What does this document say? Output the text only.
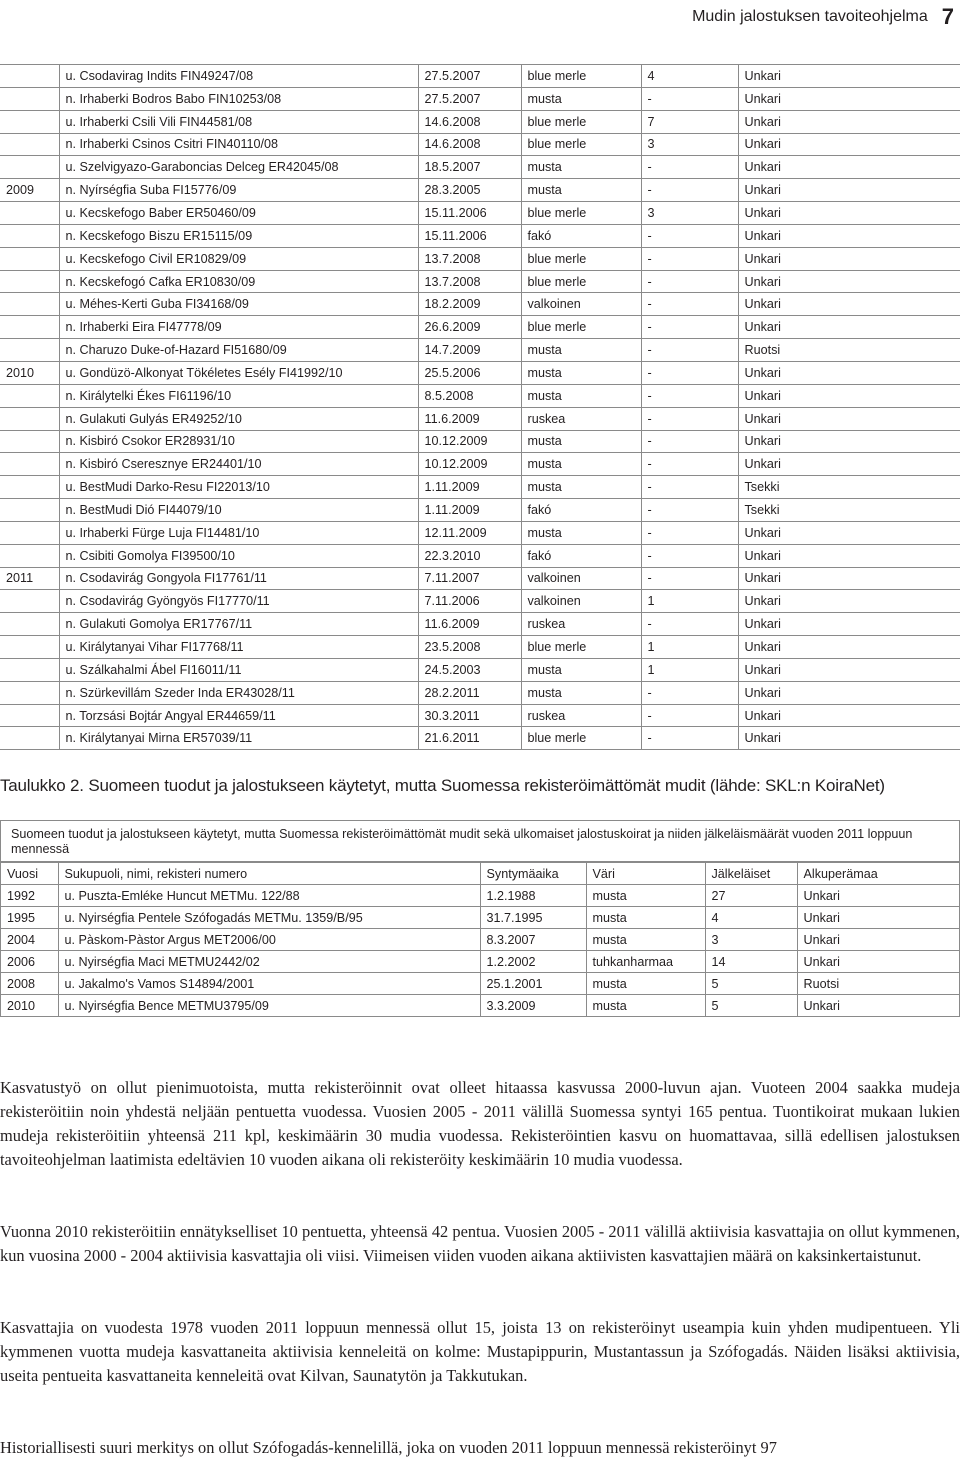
Mudin jalostuksen tavoiteohjelma 7
	u. Csodavirag Indits FIN49247/08	27.5.2007	blue merle	4	Unkari
	n. Irhaberki Bodros Babo FIN10253/08	27.5.2007	musta	-	Unkari
	u. Irhaberki Csili Vili FIN44581/08	14.6.2008	blue merle	7	Unkari
	n. Irhaberki Csinos Csitri FIN40110/08	14.6.2008	blue merle	3	Unkari
	u. Szelvigyazo-Garaboncias Delceg ER42045/08	18.5.2007	musta	-	Unkari
2009	n. Nyírségfia Suba FI15776/09	28.3.2005	musta	-	Unkari
	u. Kecskefogo Baber ER50460/09	15.11.2006	blue merle	3	Unkari
	n. Kecskefogo Biszu ER15115/09	15.11.2006	fakó	-	Unkari
	u. Kecskefogo Civil ER10829/09	13.7.2008	blue merle	-	Unkari
	n. Kecskefogó Cafka ER10830/09	13.7.2008	blue merle	-	Unkari
	u. Méhes-Kerti Guba FI34168/09	18.2.2009	valkoinen	-	Unkari
	n. Irhaberki Eira FI47778/09	26.6.2009	blue merle	-	Unkari
	n. Charuzo Duke-of-Hazard FI51680/09	14.7.2009	musta	-	Ruotsi
2010	u. Gondüzö-Alkonyat Tökéletes Esély FI41992/10	25.5.2006	musta	-	Unkari
	n. Királytelki Ékes FI61196/10	8.5.2008	musta	-	Unkari
	n. Gulakuti Gulyás ER49252/10	11.6.2009	ruskea	-	Unkari
	n. Kisbiró Csokor ER28931/10	10.12.2009	musta	-	Unkari
	n. Kisbiró Cseresznye ER24401/10	10.12.2009	musta	-	Unkari
	u. BestMudi Darko-Resu FI22013/10	1.11.2009	musta	-	Tsekki
	n. BestMudi Dió FI44079/10	1.11.2009	fakó	-	Tsekki
	u. Irhaberki Fürge Luja FI14481/10	12.11.2009	musta	-	Unkari
	n. Csibiti Gomolya FI39500/10	22.3.2010	fakó	-	Unkari
2011	n. Csodavirág Gongyola FI17761/11	7.11.2007	valkoinen	-	Unkari
	n. Csodavirág Gyöngyös FI17770/11	7.11.2006	valkoinen	1	Unkari
	n. Gulakuti Gomolya ER17767/11	11.6.2009	ruskea	-	Unkari
	u. Királytanyai Vihar FI17768/11	23.5.2008	blue merle	1	Unkari
	u. Szálkahalmi Ábel FI16011/11	24.5.2003	musta	1	Unkari
	n. Szürkevillám Szeder Inda ER43028/11	28.2.2011	musta	-	Unkari
	n. Torzsási Bojtár Angyal ER44659/11	30.3.2011	ruskea	-	Unkari
	n. Királytanyai Mirna ER57039/11	21.6.2011	blue merle	-	Unkari
Taulukko 2. Suomeen tuodut ja jalostukseen käytetyt, mutta Suomessa rekisteröimättömät mudit (lähde: SKL:n KoiraNet)
Suomeen tuodut ja jalostukseen käytetyt, mutta Suomessa rekisteröimättömät mudit sekä ulkomaiset jalostuskoirat ja niiden jälkeläismäärät vuoden 2011 loppuun mennessä
Vuosi	Sukupuoli, nimi, rekisteri numero	Syntymäaika	Väri	Jälkeläiset	Alkuperämaa
1992	u. Puszta-Emléke Huncut METMu. 122/88	1.2.1988	musta	27	Unkari
1995	u. Nyirségfia Pentele Szófogadás METMu. 1359/B/95	31.7.1995	musta	4	Unkari
2004	u. Pàskom-Pàstor Argus MET2006/00	8.3.2007	musta	3	Unkari
2006	u. Nyirségfia Maci METMU2442/02	1.2.2002	tuhkanharmaa	14	Unkari
2008	u. Jakalmo's Vamos S14894/2001	25.1.2001	musta	5	Ruotsi
2010	u. Nyirségfia Bence METMU3795/09	3.3.2009	musta	5	Unkari

Kasvatustyö on ollut pienimuotoista, mutta rekisteröinnit ovat olleet hitaassa kasvussa 2000-luvun ajan. Vuoteen 2004 saakka mudeja rekisteröitiin noin yhdestä neljään pentuetta vuodessa. Vuosien 2005 - 2011 välillä Suomessa syntyi 165 pentua. Tuontikoirat mukaan lukien mudeja rekisteröitiin yhteensä 211 kpl, keskimäärin 30 mudia vuodessa. Rekisteröintien kasvu on huomattavaa, sillä edellisen jalostuksen tavoiteohjelman laatimista edeltävien 10 vuoden aikana oli rekisteröity keskimäärin 10 mudia vuodessa.

Vuonna 2010 rekisteröitiin ennätykselliset 10 pentuetta, yhteensä 42 pentua. Vuosien 2005 - 2011 välillä aktiivisia kasvattajia on ollut kymmenen, kun vuosina 2000 - 2004 aktiivisia kasvattajia oli viisi. Viimeisen viiden vuoden aikana aktiivisten kasvattajien määrä on kaksinkertaistunut.

Kasvattajia on vuodesta 1978 vuoden 2011 loppuun mennessä ollut 15, joista 13 on rekisteröinyt useampia kuin yhden mudipentueen. Yli kymmenen vuotta mudeja kasvattaneita aktiivisia kenneleitä on kolme: Mustapippurin, Mustantassun ja Szófogadás. Näiden lisäksi aktiivisia, useita pentueita kasvattaneita kenneleitä ovat Kilvan, Saunatytön ja Takkutukan.

Historiallisesti suuri merkitys on ollut Szófogadás-kennelillä, joka on vuoden 2011 loppuun mennessä rekisteröinyt 97
